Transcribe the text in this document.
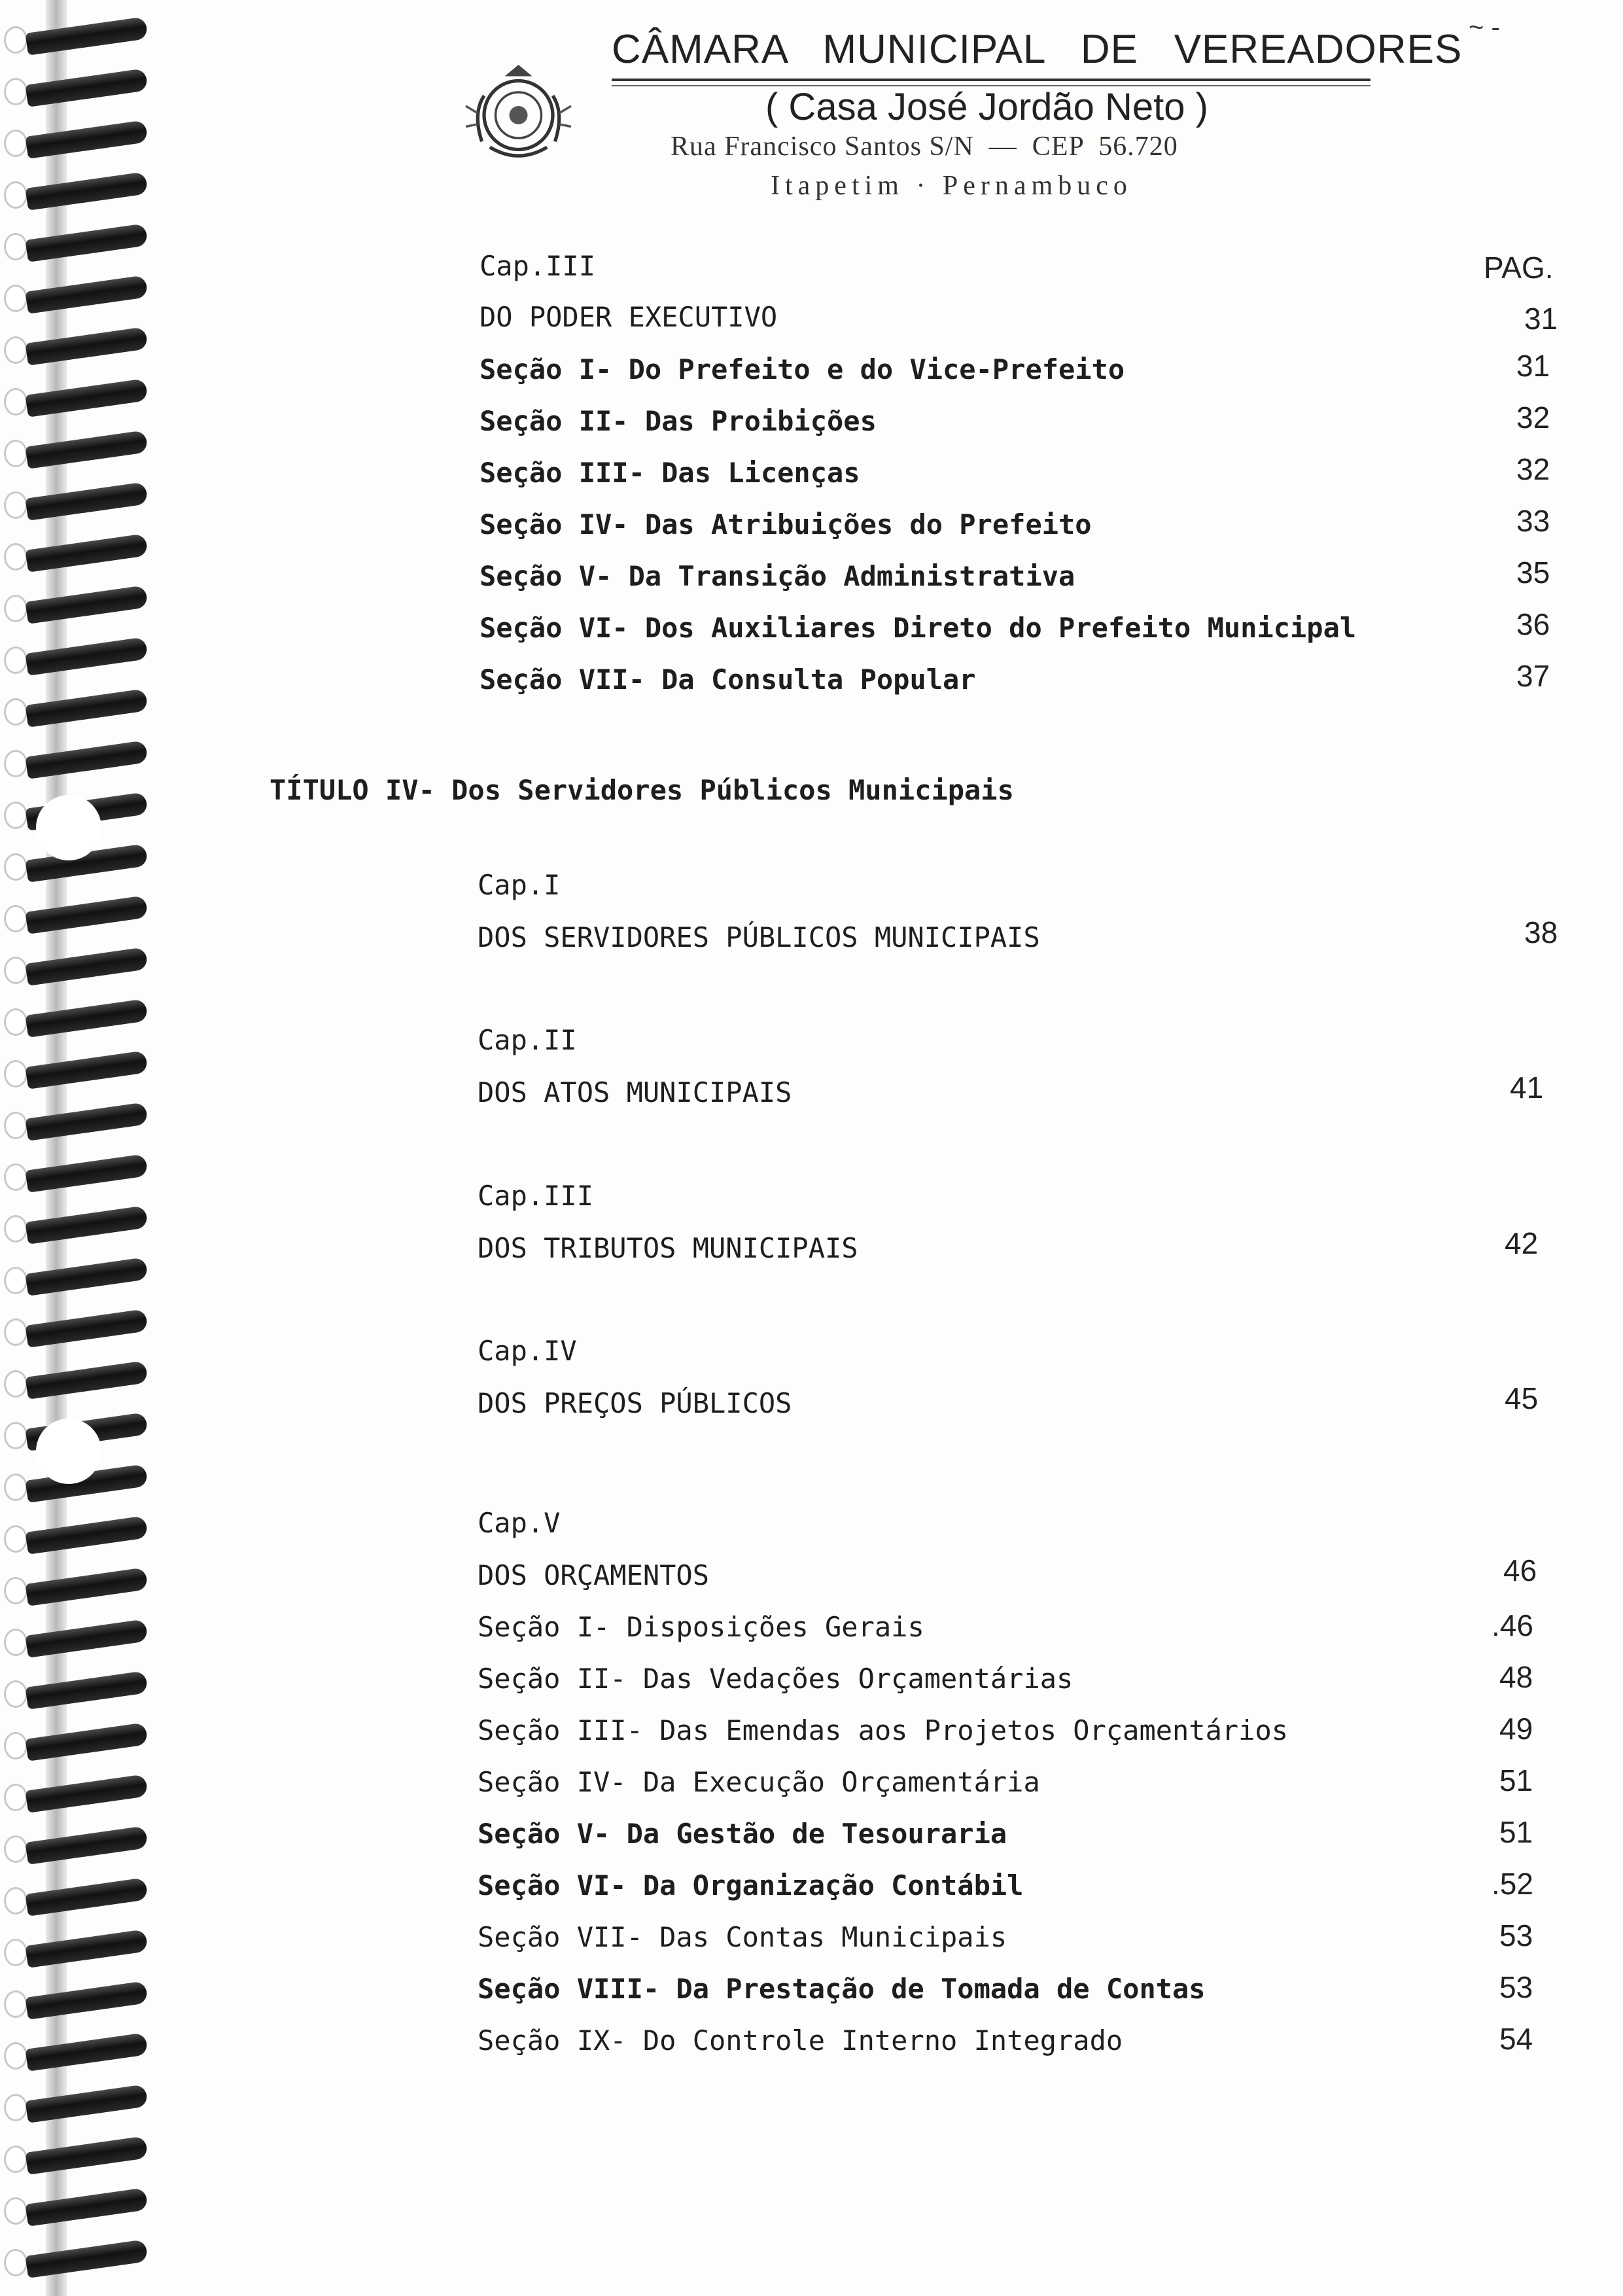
CÂMARA   MUNICIPAL   DE   VEREADORES
( Casa José Jordão Neto )
Rua Francisco Santos S/N  —  CEP  56.720
Itapetim · Pernambuco
~ -
Cap.III	PAG.
DO PODER EXECUTIVO	31
Seção I- Do Prefeito e do Vice-Prefeito	31
Seção II- Das Proibições	32
Seção III- Das Licenças	32
Seção IV- Das Atribuições do Prefeito	33
Seção V- Da Transição Administrativa	35
Seção VI- Dos Auxiliares Direto do Prefeito Municipal	36
Seção VII- Da Consulta Popular	37
TÍTULO IV- Dos Servidores Públicos Municipais
Cap.I
DOS SERVIDORES PÚBLICOS MUNICIPAIS	38
Cap.II
DOS ATOS MUNICIPAIS	41
Cap.III
DOS TRIBUTOS MUNICIPAIS	42
Cap.IV
DOS PREÇOS PÚBLICOS	45
Cap.V
DOS ORÇAMENTOS	46
Seção I- Disposições Gerais	.46
Seção II- Das Vedações Orçamentárias	48
Seção III- Das Emendas aos Projetos Orçamentários	49
Seção IV- Da Execução Orçamentária	51
Seção V- Da Gestão de Tesouraria	51
Seção VI- Da Organização Contábil	.52
Seção VII- Das Contas Municipais	53
Seção VIII- Da Prestação de Tomada de Contas	53
Seção IX- Do Controle Interno Integrado	54
